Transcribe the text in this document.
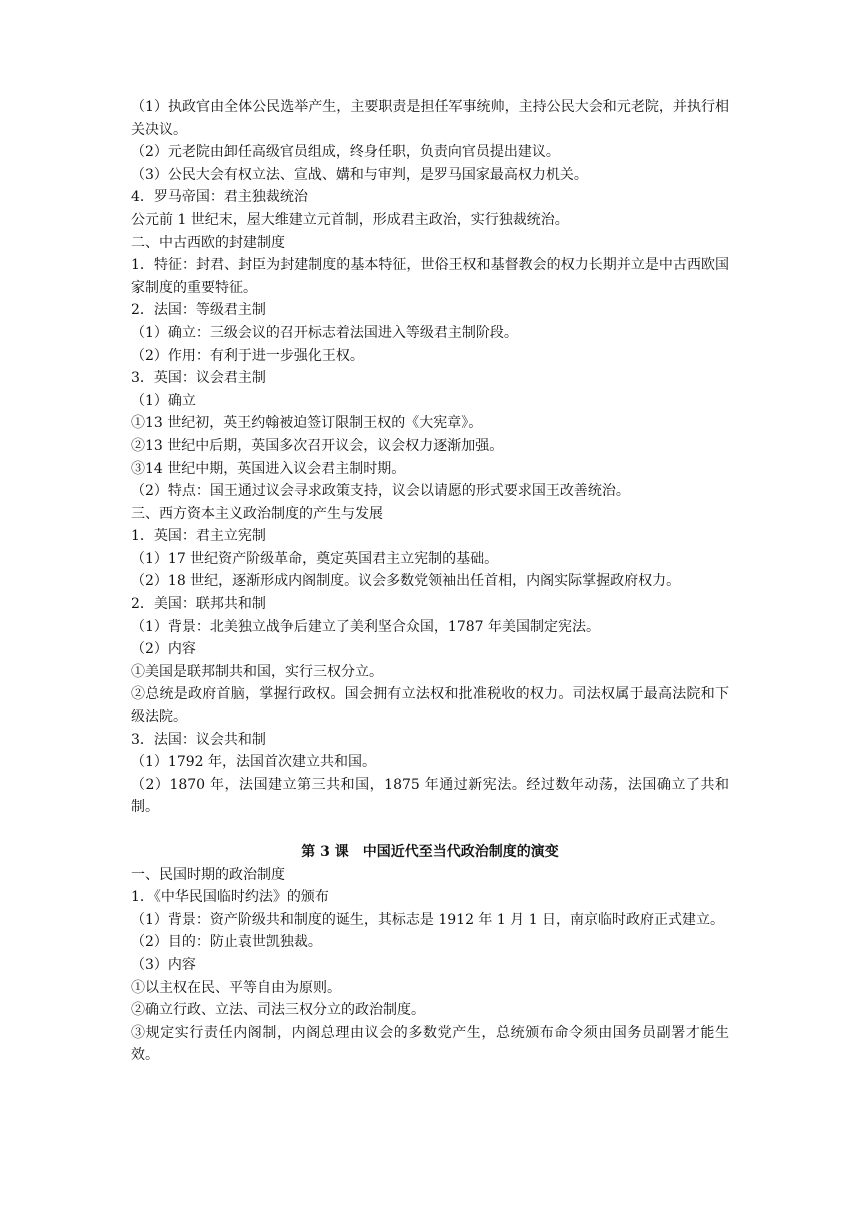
（1）执政官由全体公民选举产生，主要职责是担任军事统帅，主持公民大会和元老院，并执行相关决议。

（2）元老院由卸任高级官员组成，终身任职，负责向官员提出建议。

（3）公民大会有权立法、宣战、媾和与审判，是罗马国家最高权力机关。

4．罗马帝国：君主独裁统治

公元前 1 世纪末，屋大维建立元首制，形成君主政治，实行独裁统治。

二、中古西欧的封建制度

1．特征：封君、封臣为封建制度的基本特征，世俗王权和基督教会的权力长期并立是中古西欧国家制度的重要特征。

2．法国：等级君主制

（1）确立：三级会议的召开标志着法国进入等级君主制阶段。

（2）作用：有利于进一步强化王权。

3．英国：议会君主制

（1）确立

①13 世纪初，英王约翰被迫签订限制王权的《大宪章》。

②13 世纪中后期，英国多次召开议会，议会权力逐渐加强。

③14 世纪中期，英国进入议会君主制时期。

（2）特点：国王通过议会寻求政策支持，议会以请愿的形式要求国王改善统治。

三、西方资本主义政治制度的产生与发展

1．英国：君主立宪制

（1）17 世纪资产阶级革命，奠定英国君主立宪制的基础。

（2）18 世纪，逐渐形成内阁制度。议会多数党领袖出任首相，内阁实际掌握政府权力。

2．美国：联邦共和制

（1）背景：北美独立战争后建立了美利坚合众国，1787 年美国制定宪法。

（2）内容

①美国是联邦制共和国，实行三权分立。

②总统是政府首脑，掌握行政权。国会拥有立法权和批准税收的权力。司法权属于最高法院和下级法院。

3．法国：议会共和制

（1）1792 年，法国首次建立共和国。

（2）1870 年，法国建立第三共和国，1875 年通过新宪法。经过数年动荡，法国确立了共和制。

第 3 课　中国近代至当代政治制度的演变

一、民国时期的政治制度

1．《中华民国临时约法》的颁布

（1）背景：资产阶级共和制度的诞生，其标志是 1912 年 1 月 1 日，南京临时政府正式建立。

（2）目的：防止袁世凯独裁。

（3）内容

①以主权在民、平等自由为原则。

②确立行政、立法、司法三权分立的政治制度。

③规定实行责任内阁制，内阁总理由议会的多数党产生，总统颁布命令须由国务员副署才能生效。
